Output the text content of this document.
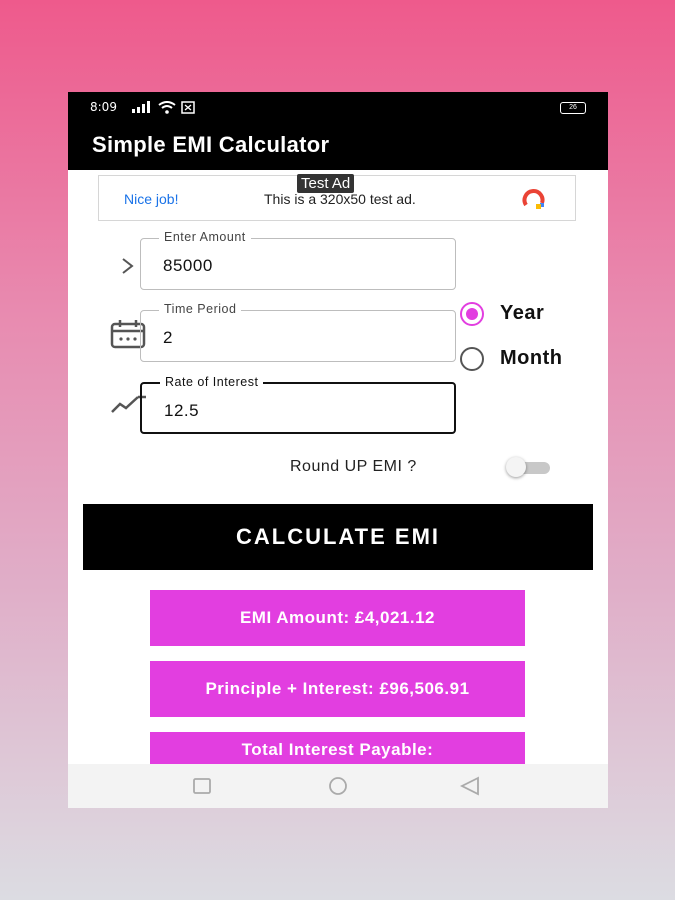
8:09	26
Simple EMI Calculator
Test Ad
Nice job!	This is a 320x50 test ad.
Enter Amount
85000
Time Period
2
Year
Month
Rate of Interest
12.5
Round UP EMI ?
CALCULATE EMI
EMI Amount: £4,021.12
Principle + Interest: £96,506.91
Total Interest Payable:
